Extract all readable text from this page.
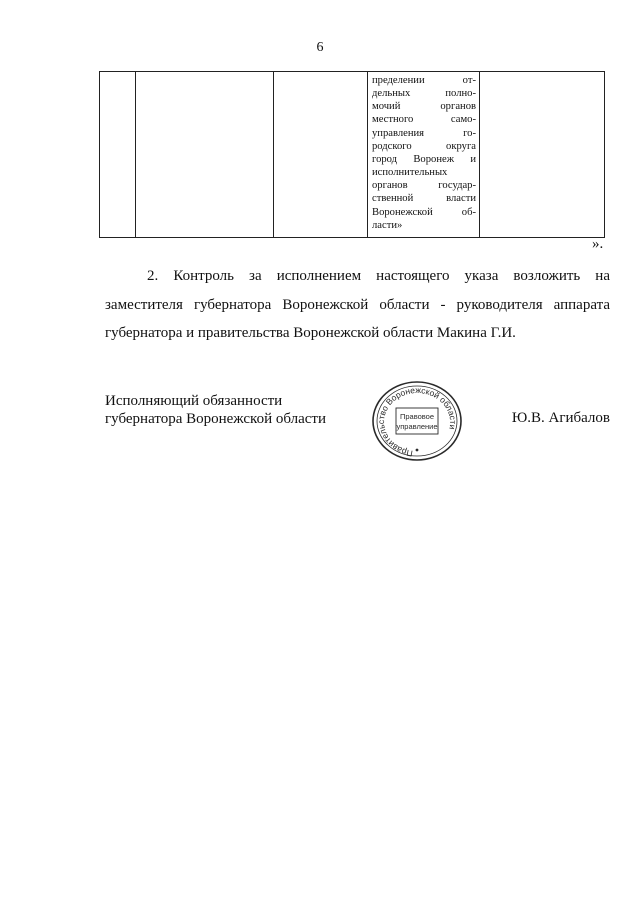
6

пределении от-
дельных полно-
мочий органов
местного само-
управления го-
родского округа
город Воронеж и
исполнительных
органов государ-
ственной власти
Воронежской об-
ласти»

».
2. Контроль за исполнением настоящего указа возложить на
заместителя губернатора Воронежской области - руководителя аппарата
губернатора и правительства Воронежской области Макина Г.И.
Исполняющий обязанности
губернатора Воронежской области
Правительство Воронежской области
Правовое
управление
Ю.В. Агибалов
